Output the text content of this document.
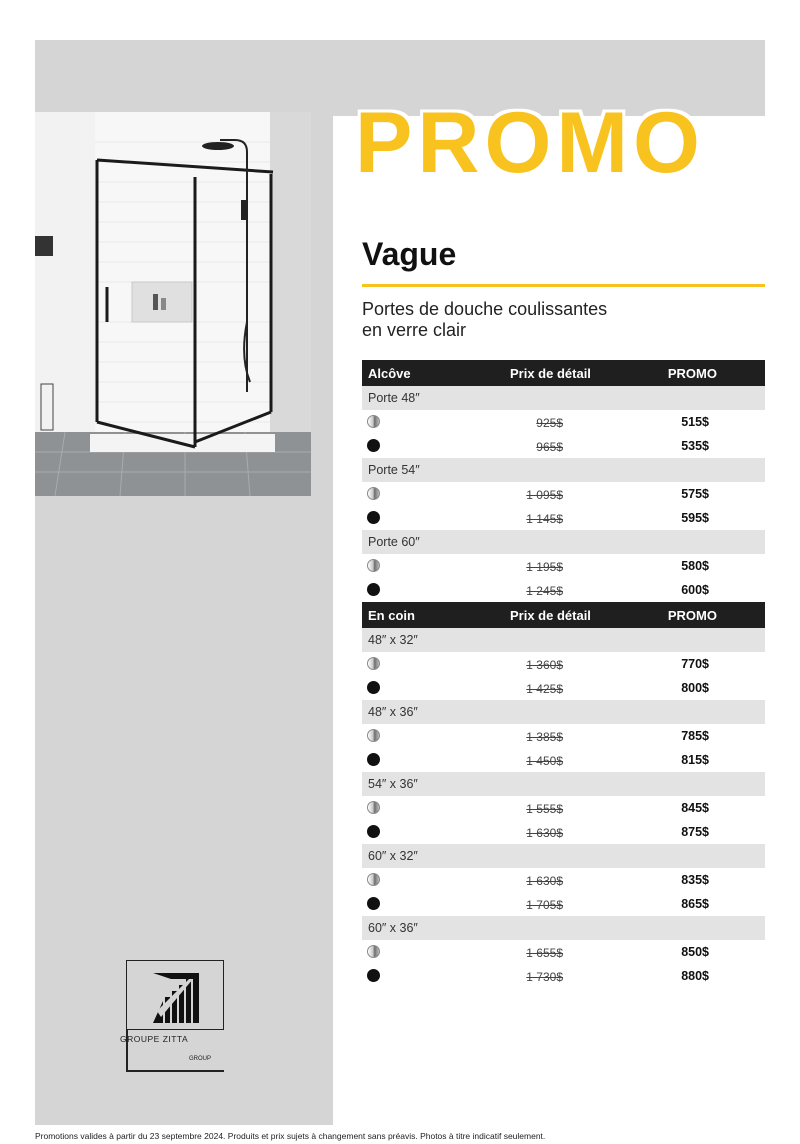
PROMO
Vague
Portes de douche coulissantes
en verre clair
Alcôve	Prix de détail	PROMO
Porte 48″
925$	515$
965$	535$
Porte 54″
1 095$	575$
1 145$	595$
Porte 60″
1 195$	580$
1 245$	600$
En coin	Prix de détail	PROMO
48″ x 32″
1 360$	770$
1 425$	800$
48″ x 36″
1 385$	785$
1 450$	815$
54″ x 36″
1 555$	845$
1 630$	875$
60″ x 32″
1 630$	835$
1 705$	865$
60″ x 36″
1 655$	850$
1 730$	880$
GROUPE ZITTA
GROUP
Promotions valides à partir du 23 septembre 2024. Produits et prix sujets à changement sans préavis. Photos à titre indicatif seulement.
